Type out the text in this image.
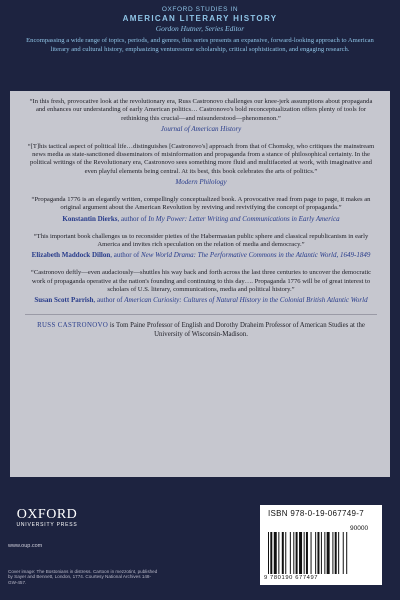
OXFORD STUDIES IN
AMERICAN LITERARY HISTORY
Gordon Hutner, Series Editor
Encompassing a wide range of topics, periods, and genres, this series presents an expansive, forward-looking approach to American literary and cultural history, emphasizing venturesome scholarship, critical sophistication, and engaging research.
“In this fresh, provocative look at the revolutionary era, Russ Castronovo challenges our knee-jerk assumptions about propaganda and enhances our understanding of early American politics… Castronovo's bold reconceptualization offers plenty of tools for rethinking this crucial—and misunderstood—phenomenon.”
Journal of American History
“[T]his tactical aspect of political life…distinguishes [Castronovo's] approach from that of Chomsky, who critiques the mainstream news media as state-sanctioned disseminators of misinformation and propaganda from a stance of philosophical certainty. In the political writings of the Revolutionary era, Castronovo sees something more fluid and multifaceted at work, with imaginative and even playful elements being central. At its best, this book celebrates the arts of politics.”
Modern Philology
“Propaganda 1776 is an elegantly written, compellingly conceptualized book. A provocative read from page to page, it makes an original argument about the American Revolution by reviving and revivifying the concept of propaganda.”
Konstantin Dierks, author of In My Power: Letter Writing and Communications in Early America
“This important book challenges us to reconsider pieties of the Habermasian public sphere and classical republicanism in early America and invites rich speculation on the relation of media and democracy.”
Elizabeth Maddock Dillon, author of New World Drama: The Performative Commons in the Atlantic World, 1649-1849
“Castronovo deftly—even audaciously—shuttles his way back and forth across the last three centuries to uncover the democratic work of propaganda operative at the nation's founding and continuing to this day…. Propaganda 1776 will be of great interest to scholars of U.S. literary, communications, media and political history.”
Susan Scott Parrish, author of American Curiosity: Cultures of Natural History in the Colonial British Atlantic World
RUSS CASTRONOVO is Tom Paine Professor of English and Dorothy Draheim Professor of American Studies at the University of Wisconsin-Madison.
OXFORD
UNIVERSITY PRESS
www.oup.com
Cover image: The Bostonians in distress. Cartoon in mezzotint, published by Sayer and Bennett, London, 1774. Courtesy National Archives 148-GW-457.
ISBN 978-0-19-067749-7
90000
9 780190 677497
